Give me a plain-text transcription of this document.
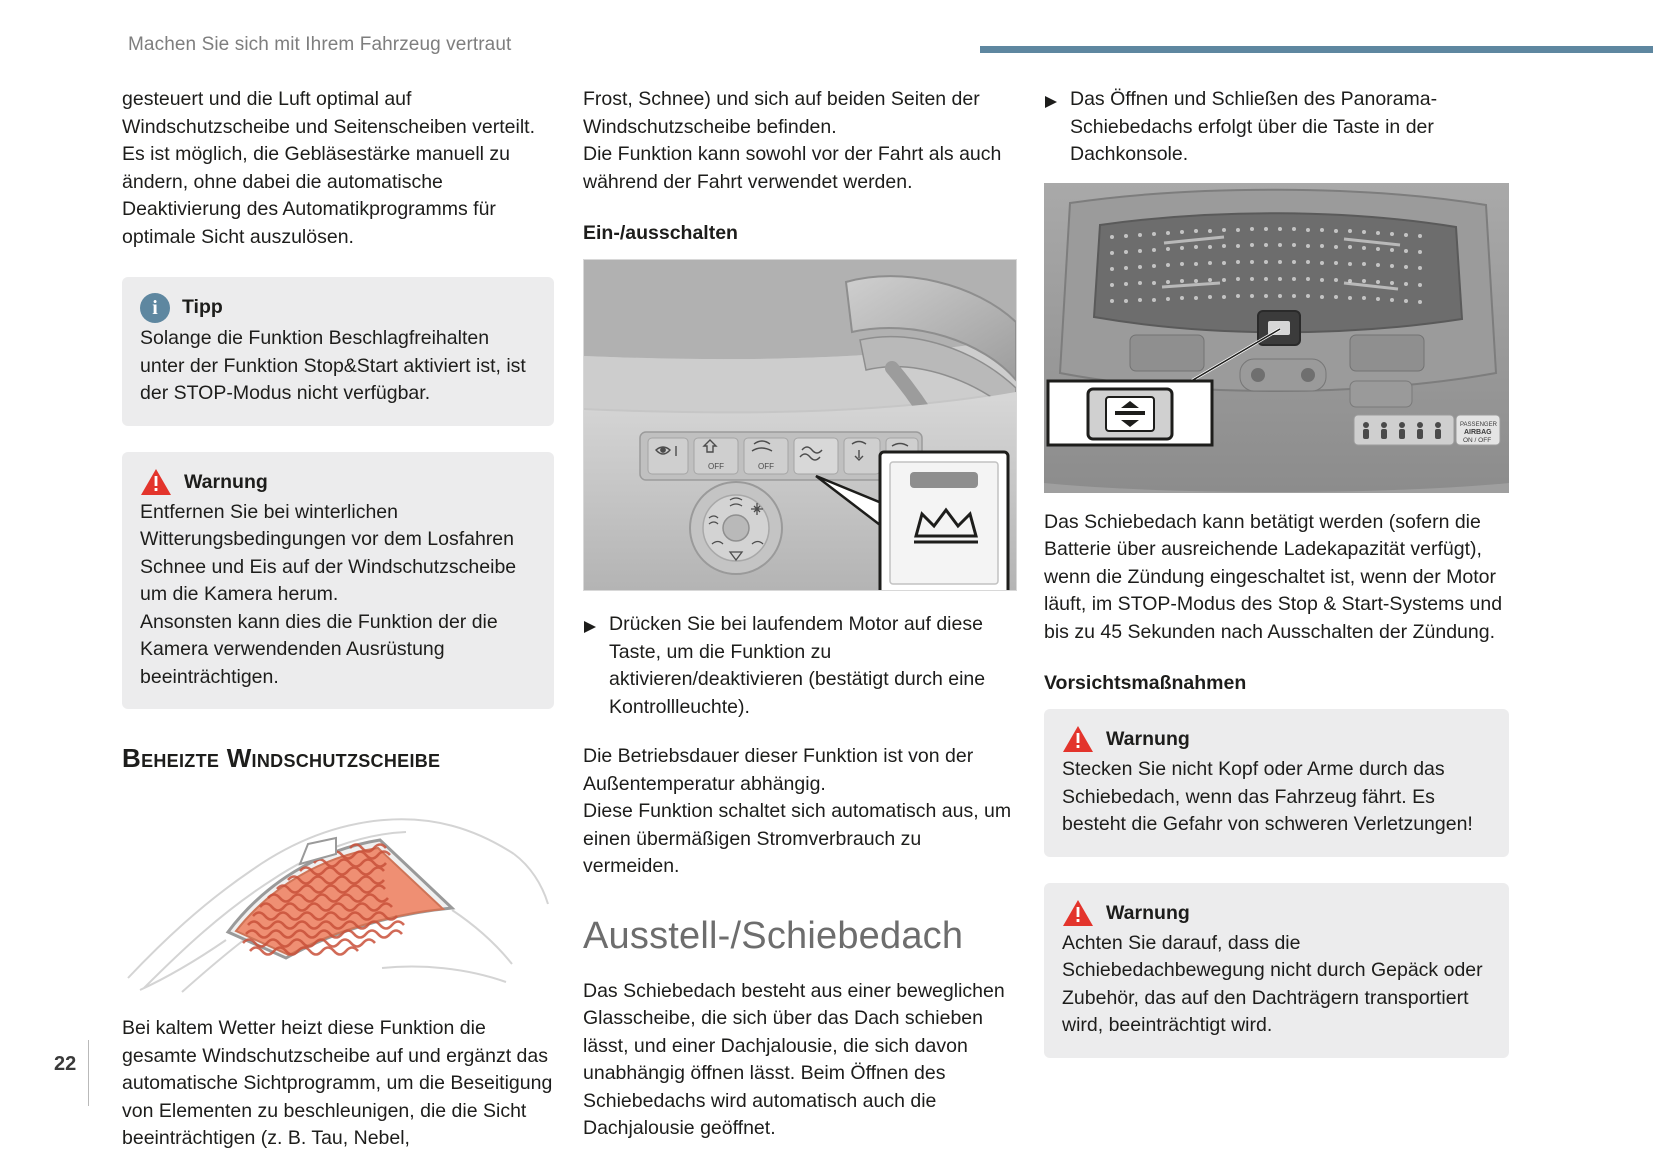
Machen Sie sich mit Ihrem Fahrzeug vertraut
22

gesteuert und die Luft optimal auf Windschutzscheibe und Seitenscheiben verteilt.

Es ist möglich, die Gebläsestärke manuell zu ändern, ohne dabei die automatische Deaktivierung des Automatikprogramms für optimale Sicht auszulösen.

i	Tipp
Solange die Funktion Beschlagfreihalten unter der Funktion Stop&Start aktiviert ist, ist der STOP-Modus nicht verfügbar.
Warnung
Entfernen Sie bei winterlichen Witterungsbedingungen vor dem Losfahren Schnee und Eis auf der Windschutzscheibe um die Kamera herum.
Ansonsten kann dies die Funktion der die Kamera verwendenden Ausrüstung beeinträchtigen.
Beheizte Windschutzscheibe

Bei kaltem Wetter heizt diese Funktion die gesamte Windschutzscheibe auf und ergänzt das automatische Sichtprogramm, um die Beseitigung von Elementen zu beschleunigen, die die Sicht beeinträchtigen (z. B. Tau, Nebel,

Frost, Schnee) und sich auf beiden Seiten der Windschutzscheibe befinden.

Die Funktion kann sowohl vor der Fahrt als auch während der Fahrt verwendet werden.

Ein-/ausschalten
OFF	OFF
Drücken Sie bei laufendem Motor auf diese Taste, um die Funktion zu aktivieren/deaktivieren (bestätigt durch eine Kontrollleuchte).

Die Betriebsdauer dieser Funktion ist von der Außentemperatur abhängig.

Diese Funktion schaltet sich automatisch aus, um einen übermäßigen Stromverbrauch zu vermeiden.

Ausstell-/Schiebedach

Das Schiebedach besteht aus einer beweglichen Glasscheibe, die sich über das Dach schieben lässt, und einer Dachjalousie, die sich davon unabhängig öffnen lässt. Beim Öffnen des Schiebedachs wird automatisch auch die Dachjalousie geöffnet.

Das Öffnen und Schließen des Panorama-Schiebedachs erfolgt über die Taste in der Dachkonsole.
PASSENGER
AIRBAG
ON / OFF

Das Schiebedach kann betätigt werden (sofern die Batterie über ausreichende Ladekapazität verfügt), wenn die Zündung eingeschaltet ist, wenn der Motor läuft, im STOP-Modus des Stop & Start-Systems und bis zu 45 Sekunden nach Ausschalten der Zündung.

Vorsichtsmaßnahmen
Warnung
Stecken Sie nicht Kopf oder Arme durch das Schiebedach, wenn das Fahrzeug fährt. Es besteht die Gefahr von schweren Verletzungen!
Warnung
Achten Sie darauf, dass die Schiebedachbewegung nicht durch Gepäck oder Zubehör, das auf den Dachträgern transportiert wird, beeinträchtigt wird.
